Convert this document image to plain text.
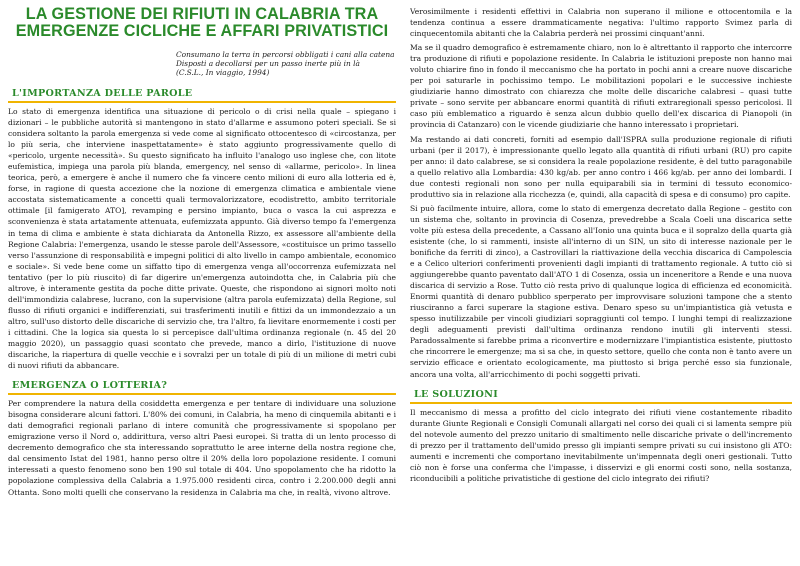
LA GESTIONE DEI RIFIUTI IN CALABRIA TRA EMERGENZE CICLICHE E AFFARI PRIVATISTICI
Consumano la terra in percorsi obbligati i cani alla catena
Disposti a decollarsi per un passo inerte più in là
(C.S.L., In viaggio, 1994)
L'IMPORTANZA DELLE PAROLE

Lo stato di emergenza identifica una situazione di pericolo o di crisi nella quale – spiegano i dizionari – le pubbliche autorità si mantengono in stato d'allarme e assumono poteri speciali. Se si considera soltanto la parola emergenza si vede come al significato ottocentesco di «circostanza, per lo più seria, che interviene inaspettatamente» è stato aggiunto progressivamente quello di «pericolo, urgente necessità». Su questo significato ha influito l'analogo uso inglese che, con litote eufemistica, impiega una parola più blanda, emergency, nel senso di «allarme, pericolo». In linea teorica, però, a emergere è anche il numero che fa vincere cento milioni di euro alla lotteria ed è, forse, in ragione di questa accezione che la nozione di emergenza climatica e ambientale viene accostata sistematicamente a concetti quali termovalorizzatore, ecodistretto, ambito territoriale ottimale [il famigerato ATO], revamping e persino impianto, buca o vasca la cui asprezza e sconvenienza è stata artatamente attenuata, eufemizzata appunto. Già diverso tempo fa l'emergenza in tema di clima e ambiente è stata dichiarata da Antonella Rizzo, ex assessore all'ambiente della Regione Calabria: l'emergenza, usando le stesse parole dell'Assessore, «costituisce un primo tassello verso l'assunzione di responsabilità e impegni politici di alto livello in campo ambientale, economico e sociale». Si vede bene come un siffatto tipo di emergenza venga all'occorrenza eufemizzata nel tentativo (per lo più riuscito) di far digerire un'emergenza autoindotta che, in Calabria più che altrove, è interamente gestita da poche ditte private. Queste, che rispondono ai signori molto noti dell'immondizia calabrese, lucrano, con la supervisione (altra parola eufemizzata) della Regione, sul flusso di rifiuti organici e indifferenziati, sui trasferimenti inutili e fittizi da un immondezzaio a un altro, sull'uso distorto delle discariche di servizio che, tra l'altro, fa lievitare enormemente i costi per i cittadini. Che la logica sia questa lo si percepisce dall'ultima ordinanza regionale (n. 45 del 20 maggio 2020), un passaggio quasi scontato che prevede, manco a dirlo, l'istituzione di nuove discariche, la riapertura di quelle vecchie e i sovralzi per un totale di più di un milione di metri cubi di nuovi rifiuti da abbancare.

EMERGENZA O LOTTERIA?

Per comprendere la natura della cosiddetta emergenza e per tentare di individuare una soluzione bisogna considerare alcuni fattori. L'80% dei comuni, in Calabria, ha meno di cinquemila abitanti e i dati demografici regionali parlano di intere comunità che progressivamente si spopolano per emigrazione verso il Nord o, addirittura, verso altri Paesi europei. Si tratta di un lento processo di decremento demografico che sta interessando soprattutto le aree interne della nostra regione che, dal censimento Istat del 1981, hanno perso oltre il 20% della loro popolazione residente. I comuni interessati a questo fenomeno sono ben 190 sul totale di 404. Uno spopolamento che ha ridotto la popolazione complessiva della Calabria a 1.975.000 residenti circa, contro i 2.200.000 degli anni Ottanta. Sono molti quelli che conservano la residenza in Calabria ma che, in realtà, vivono altrove.

Verosimilmente i residenti effettivi in Calabria non superano il milione e ottocentomila e la tendenza continua a essere drammaticamente negativa: l'ultimo rapporto Svimez parla di cinquecentomila abitanti che la Calabria perderà nei prossimi cinquant'anni.

Ma se il quadro demografico è estremamente chiaro, non lo è altrettanto il rapporto che intercorre tra produzione di rifiuti e popolazione residente. In Calabria le istituzioni preposte non hanno mai voluto chiarire fino in fondo il meccanismo che ha portato in pochi anni a creare nuove discariche per poi saturarle in pochissimo tempo. Le mobilitazioni popolari e le successive inchieste giudiziarie hanno dimostrato con chiarezza che molte delle discariche calabresi – quasi tutte private – sono servite per abbancare enormi quantità di rifiuti extraregionali spesso pericolosi. Il caso più emblematico a riguardo è senza alcun dubbio quello dell'ex discarica di Pianopoli (in provincia di Catanzaro) con le vicende giudiziarie che hanno interessato i proprietari.

Ma restando ai dati concreti, forniti ad esempio dall'ISPRA sulla produzione regionale di rifiuti urbani (per il 2017), è impressionante quello legato alla quantità di rifiuti urbani (RU) pro capite per anno: il dato calabrese, se si considera la reale popolazione residente, è del tutto paragonabile a quello relativo alla Lombardia: 430 kg/ab. per anno contro i 466 kg/ab. per anno dei lombardi. I due contesti regionali non sono per nulla equiparabili sia in termini di tessuto economico-produttivo sia in relazione alla ricchezza (e, quindi, alla capacità di spesa e di consumo) pro capite.

Si può facilmente intuire, allora, come lo stato di emergenza decretato dalla Regione – gestito con un sistema che, soltanto in provincia di Cosenza, prevedrebbe a Scala Coeli una discarica sette volte più estesa della precedente, a Cassano all'Ionio una quinta buca e il sopralzo della quarta già esistente (che, lo si rammenti, insiste all'interno di un SIN, un sito di interesse nazionale per le bonifiche da ferriti di zinco), a Castrovillari la riattivazione della vecchia discarica di Campolescia e a Celico ulteriori conferimenti provenienti dagli impianti di trattamento regionale. A tutto ciò si aggiungerebbe quanto paventato dall'ATO 1 di Cosenza, ossia un inceneritore a Rende e una nuova discarica di servizio a Rose. Tutto ciò resta privo di qualunque logica di efficienza ed economicità. Enormi quantità di denaro pubblico sperperato per improvvisare soluzioni tampone che a stento riusciranno a farci superare la stagione estiva. Denaro speso su un'impiantistica già vetusta e spesso inutilizzabile per vincoli giudiziari sopraggiunti col tempo. I lunghi tempi di realizzazione degli adeguamenti previsti dall'ultima ordinanza rendono inutili gli interventi stessi. Paradossalmente si farebbe prima a riconvertire e modernizzare l'impiantistica esistente, piuttosto che rincorrere le emergenze; ma si sa che, in questo settore, quello che conta non è tanto avere un servizio efficace e orientato ecologicamente, ma piuttosto si briga perché esso sia funzionale, ancora una volta, all'arricchimento di pochi soggetti privati.

LE SOLUZIONI

Il meccanismo di messa a profitto del ciclo integrato dei rifiuti viene costantemente ribadito durante Giunte Regionali e Consigli Comunali allargati nel corso dei quali ci si lamenta sempre più del notevole aumento del prezzo unitario di smaltimento nelle discariche private o dell'incremento di prezzo per il trattamento dell'umido presso gli impianti sempre privati su cui insistono gli ATO: aumenti e incrementi che comportano inevitabilmente un'impennata degli oneri gestionali. Tutto ciò non è forse una conferma che l'impasse, i disservizi e gli enormi costi sono, nella sostanza, riconducibili a politiche privatistiche di gestione del ciclo integrato dei rifiuti?
